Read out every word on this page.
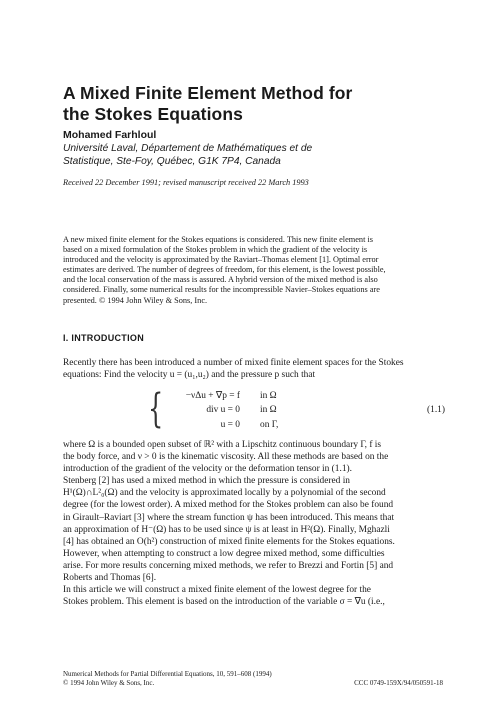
A Mixed Finite Element Method for
the Stokes Equations

Mohamed Farhloul

Université Laval, Département de Mathématiques et de
Statistique, Ste-Foy, Québec, G1K 7P4, Canada

Received 22 December 1991; revised manuscript received 22 March 1993

A new mixed finite element for the Stokes equations is considered. This new finite element is
based on a mixed formulation of the Stokes problem in which the gradient of the velocity is
introduced and the velocity is approximated by the Raviart–Thomas element [1]. Optimal error
estimates are derived. The number of degrees of freedom, for this element, is the lowest possible,
and the local conservation of the mass is assured. A hybrid version of the mixed method is also
considered. Finally, some numerical results for the incompressible Navier–Stokes equations are
presented. © 1994 John Wiley & Sons, Inc.

I. INTRODUCTION

Recently there has been introduced a number of mixed finite element spaces for the Stokes
equations: Find the velocity u = (u₁,u₂) and the pressure p such that

{	−νΔu + ∇p = f in Ω
div u = 0 in Ω
u = 0 on Γ,
(1.1)

where Ω is a bounded open subset of ℝ² with a Lipschitz continuous boundary Γ, f is
the body force, and ν > 0 is the kinematic viscosity. All these methods are based on the
introduction of the gradient of the velocity or the deformation tensor in (1.1).
Stenberg [2] has used a mixed method in which the pressure is considered in
H¹(Ω)∩L²₀(Ω) and the velocity is approximated locally by a polynomial of the second
degree (for the lowest order). A mixed method for the Stokes problem can also be found
in Girault–Raviart [3] where the stream function ψ has been introduced. This means that
an approximation of H⁻(Ω) has to be used since ψ is at least in H²(Ω). Finally, Mghazli
[4] has obtained an O(h²) construction of mixed finite elements for the Stokes equations.
However, when attempting to construct a low degree mixed method, some difficulties
arise. For more results concerning mixed methods, we refer to Brezzi and Fortin [5] and
Roberts and Thomas [6].
In this article we will construct a mixed finite element of the lowest degree for the
Stokes problem. This element is based on the introduction of the variable σ = ∇u (i.e.,

Numerical Methods for Partial Differential Equations, 10, 591–608 (1994)
© 1994 John Wiley & Sons, Inc.	CCC 0749-159X/94/050591-18
